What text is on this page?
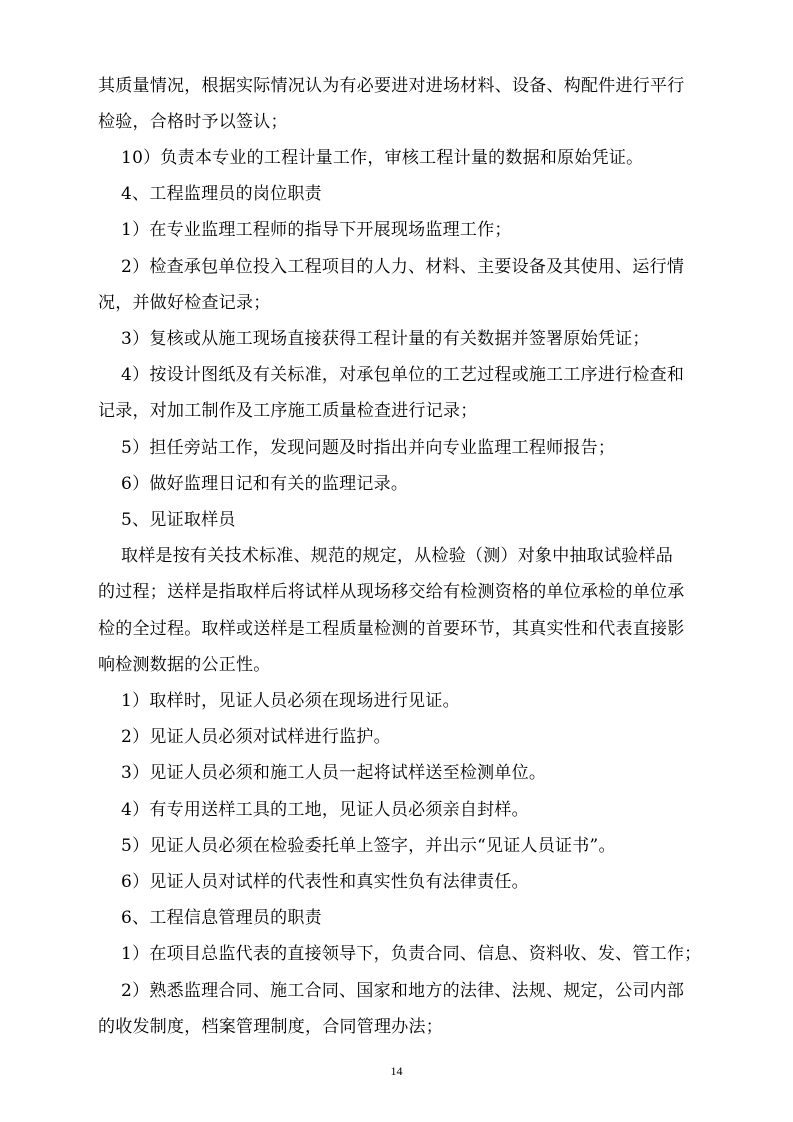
其质量情况，根据实际情况认为有必要进对进场材料、设备、构配件进行平行
检验，合格时予以签认；
10）负责本专业的工程计量工作，审核工程计量的数据和原始凭证。
4、工程监理员的岗位职责
1）在专业监理工程师的指导下开展现场监理工作；
2）检查承包单位投入工程项目的人力、材料、主要设备及其使用、运行情
况，并做好检查记录；
3）复核或从施工现场直接获得工程计量的有关数据并签署原始凭证；
4）按设计图纸及有关标准，对承包单位的工艺过程或施工工序进行检查和
记录，对加工制作及工序施工质量检查进行记录；
5）担任旁站工作，发现问题及时指出并向专业监理工程师报告；
6）做好监理日记和有关的监理记录。
5、见证取样员
取样是按有关技术标准、规范的规定，从检验（测）对象中抽取试验样品
的过程；送样是指取样后将试样从现场移交给有检测资格的单位承检的单位承
检的全过程。取样或送样是工程质量检测的首要环节，其真实性和代表直接影
响检测数据的公正性。
1）取样时，见证人员必须在现场进行见证。
2）见证人员必须对试样进行监护。
3）见证人员必须和施工人员一起将试样送至检测单位。
4）有专用送样工具的工地，见证人员必须亲自封样。
5）见证人员必须在检验委托单上签字，并出示“见证人员证书”。
6）见证人员对试样的代表性和真实性负有法律责任。
6、工程信息管理员的职责
1）在项目总监代表的直接领导下，负责合同、信息、资料收、发、管工作；
2）熟悉监理合同、施工合同、国家和地方的法律、法规、规定，公司内部
的收发制度，档案管理制度，合同管理办法；
14
